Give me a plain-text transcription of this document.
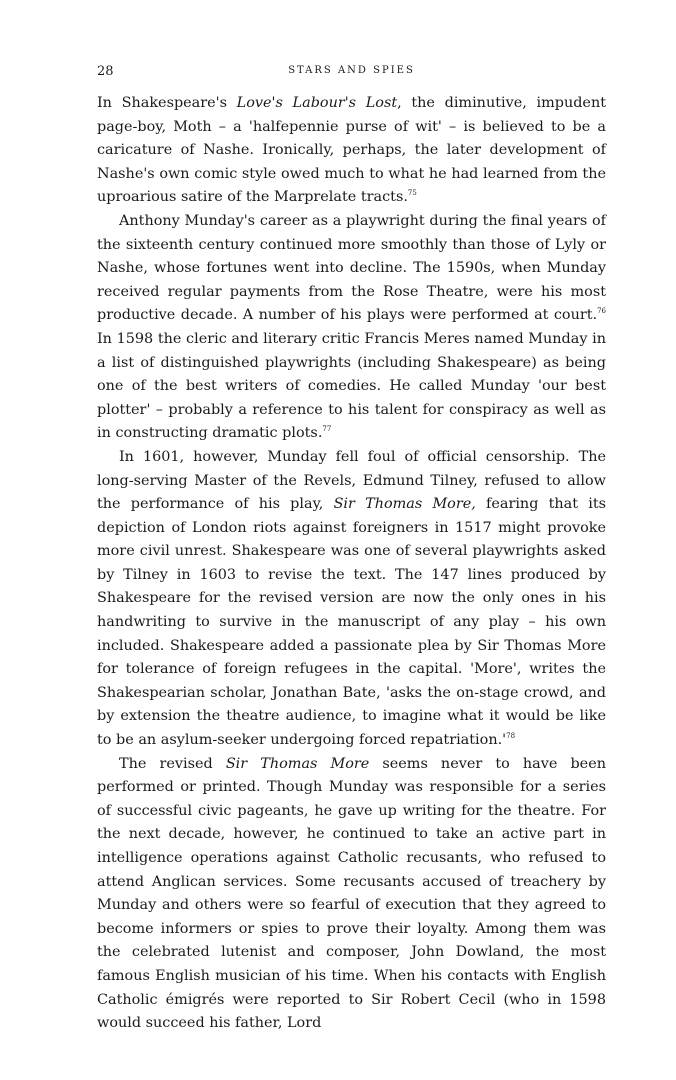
28	STARS AND SPIES

In Shakespeare's Love's Labour's Lost, the diminutive, impudent page-boy, Moth – a 'halfepennie purse of wit' – is believed to be a caricature of Nashe. Ironically, perhaps, the later development of Nashe's own comic style owed much to what he had learned from the uproarious satire of the Marprelate tracts.$^{75}$

Anthony Munday's career as a playwright during the final years of the sixteenth century continued more smoothly than those of Lyly or Nashe, whose fortunes went into decline. The 1590s, when Munday received regular payments from the Rose Theatre, were his most productive decade. A number of his plays were performed at court.$^{76}$ In 1598 the cleric and literary critic Francis Meres named Munday in a list of distinguished playwrights (including Shakespeare) as being one of the best writers of comedies. He called Munday 'our best plotter' – probably a reference to his talent for conspiracy as well as in constructing dramatic plots.$^{77}$

In 1601, however, Munday fell foul of official censorship. The long-serving Master of the Revels, Edmund Tilney, refused to allow the performance of his play, Sir Thomas More, fearing that its depiction of London riots against foreigners in 1517 might provoke more civil unrest. Shakespeare was one of several playwrights asked by Tilney in 1603 to revise the text. The 147 lines produced by Shakespeare for the revised version are now the only ones in his handwriting to survive in the manuscript of any play – his own included. Shakespeare added a passionate plea by Sir Thomas More for tolerance of foreign refugees in the capital. 'More', writes the Shakespearian scholar, Jonathan Bate, 'asks the on-stage crowd, and by extension the theatre audience, to imagine what it would be like to be an asylum-seeker undergoing forced $repatriation.'^{78}$

The revised Sir Thomas More seems never to have been performed or printed. Though Munday was responsible for a series of successful civic pageants, he gave up writing for the theatre. For the next decade, however, he continued to take an active part in intelligence operations against Catholic recusants, who refused to attend Anglican services. Some recusants accused of treachery by Munday and others were so fearful of execution that they agreed to become informers or spies to prove their loyalty. Among them was the celebrated lutenist and composer, John Dowland, the most famous English musician of his time. When his contacts with English Catholic émigrés were reported to Sir Robert Cecil (who in 1598 would succeed his father, Lord
